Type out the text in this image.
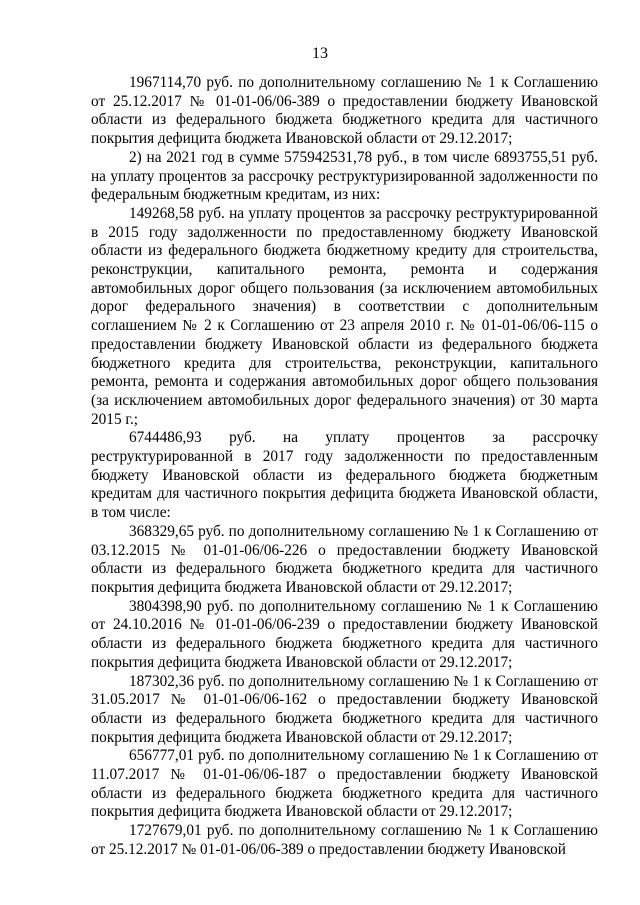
13

1967114,70 руб. по дополнительному соглашению № 1 к Соглашению от 25.12.2017 № 01-01-06/06-389 о предоставлении бюджету Ивановской области из федерального бюджета бюджетного кредита для частичного покрытия дефицита бюджета Ивановской области от 29.12.2017;

2) на 2021 год в сумме 575942531,78 руб., в том числе 6893755,51 руб. на уплату процентов за рассрочку реструктуризированной задолженности по федеральным бюджетным кредитам, из них:

149268,58 руб. на уплату процентов за рассрочку реструктурированной в 2015 году задолженности по предоставленному бюджету Ивановской области из федерального бюджета бюджетному кредиту для строительства, реконструкции, капитального ремонта, ремонта и содержания автомобильных дорог общего пользования (за исключением автомобильных дорог федерального значения) в соответствии с дополнительным соглашением № 2 к Соглашению от 23 апреля 2010 г. № 01-01-06/06-115 о предоставлении бюджету Ивановской области из федерального бюджета бюджетного кредита для строительства, реконструкции, капитального ремонта, ремонта и содержания автомобильных дорог общего пользования (за исключением автомобильных дорог федерального значения) от 30 марта 2015 г.;

6744486,93 руб. на уплату процентов за рассрочку реструктурированной в 2017 году задолженности по предоставленным бюджету Ивановской области из федерального бюджета бюджетным кредитам для частичного покрытия дефицита бюджета Ивановской области, в том числе:

368329,65 руб. по дополнительному соглашению № 1 к Соглашению от 03.12.2015 № 01-01-06/06-226 о предоставлении бюджету Ивановской области из федерального бюджета бюджетного кредита для частичного покрытия дефицита бюджета Ивановской области от 29.12.2017;

3804398,90 руб. по дополнительному соглашению № 1 к Соглашению от 24.10.2016 № 01-01-06/06-239 о предоставлении бюджету Ивановской области из федерального бюджета бюджетного кредита для частичного покрытия дефицита бюджета Ивановской области от 29.12.2017;

187302,36 руб. по дополнительному соглашению № 1 к Соглашению от 31.05.2017 № 01-01-06/06-162 о предоставлении бюджету Ивановской области из федерального бюджета бюджетного кредита для частичного покрытия дефицита бюджета Ивановской области от 29.12.2017;

656777,01 руб. по дополнительному соглашению № 1 к Соглашению от 11.07.2017 № 01-01-06/06-187 о предоставлении бюджету Ивановской области из федерального бюджета бюджетного кредита для частичного покрытия дефицита бюджета Ивановской области от 29.12.2017;

1727679,01 руб. по дополнительному соглашению № 1 к Соглашению от 25.12.2017 № 01-01-06/06-389 о предоставлении бюджету Ивановской
